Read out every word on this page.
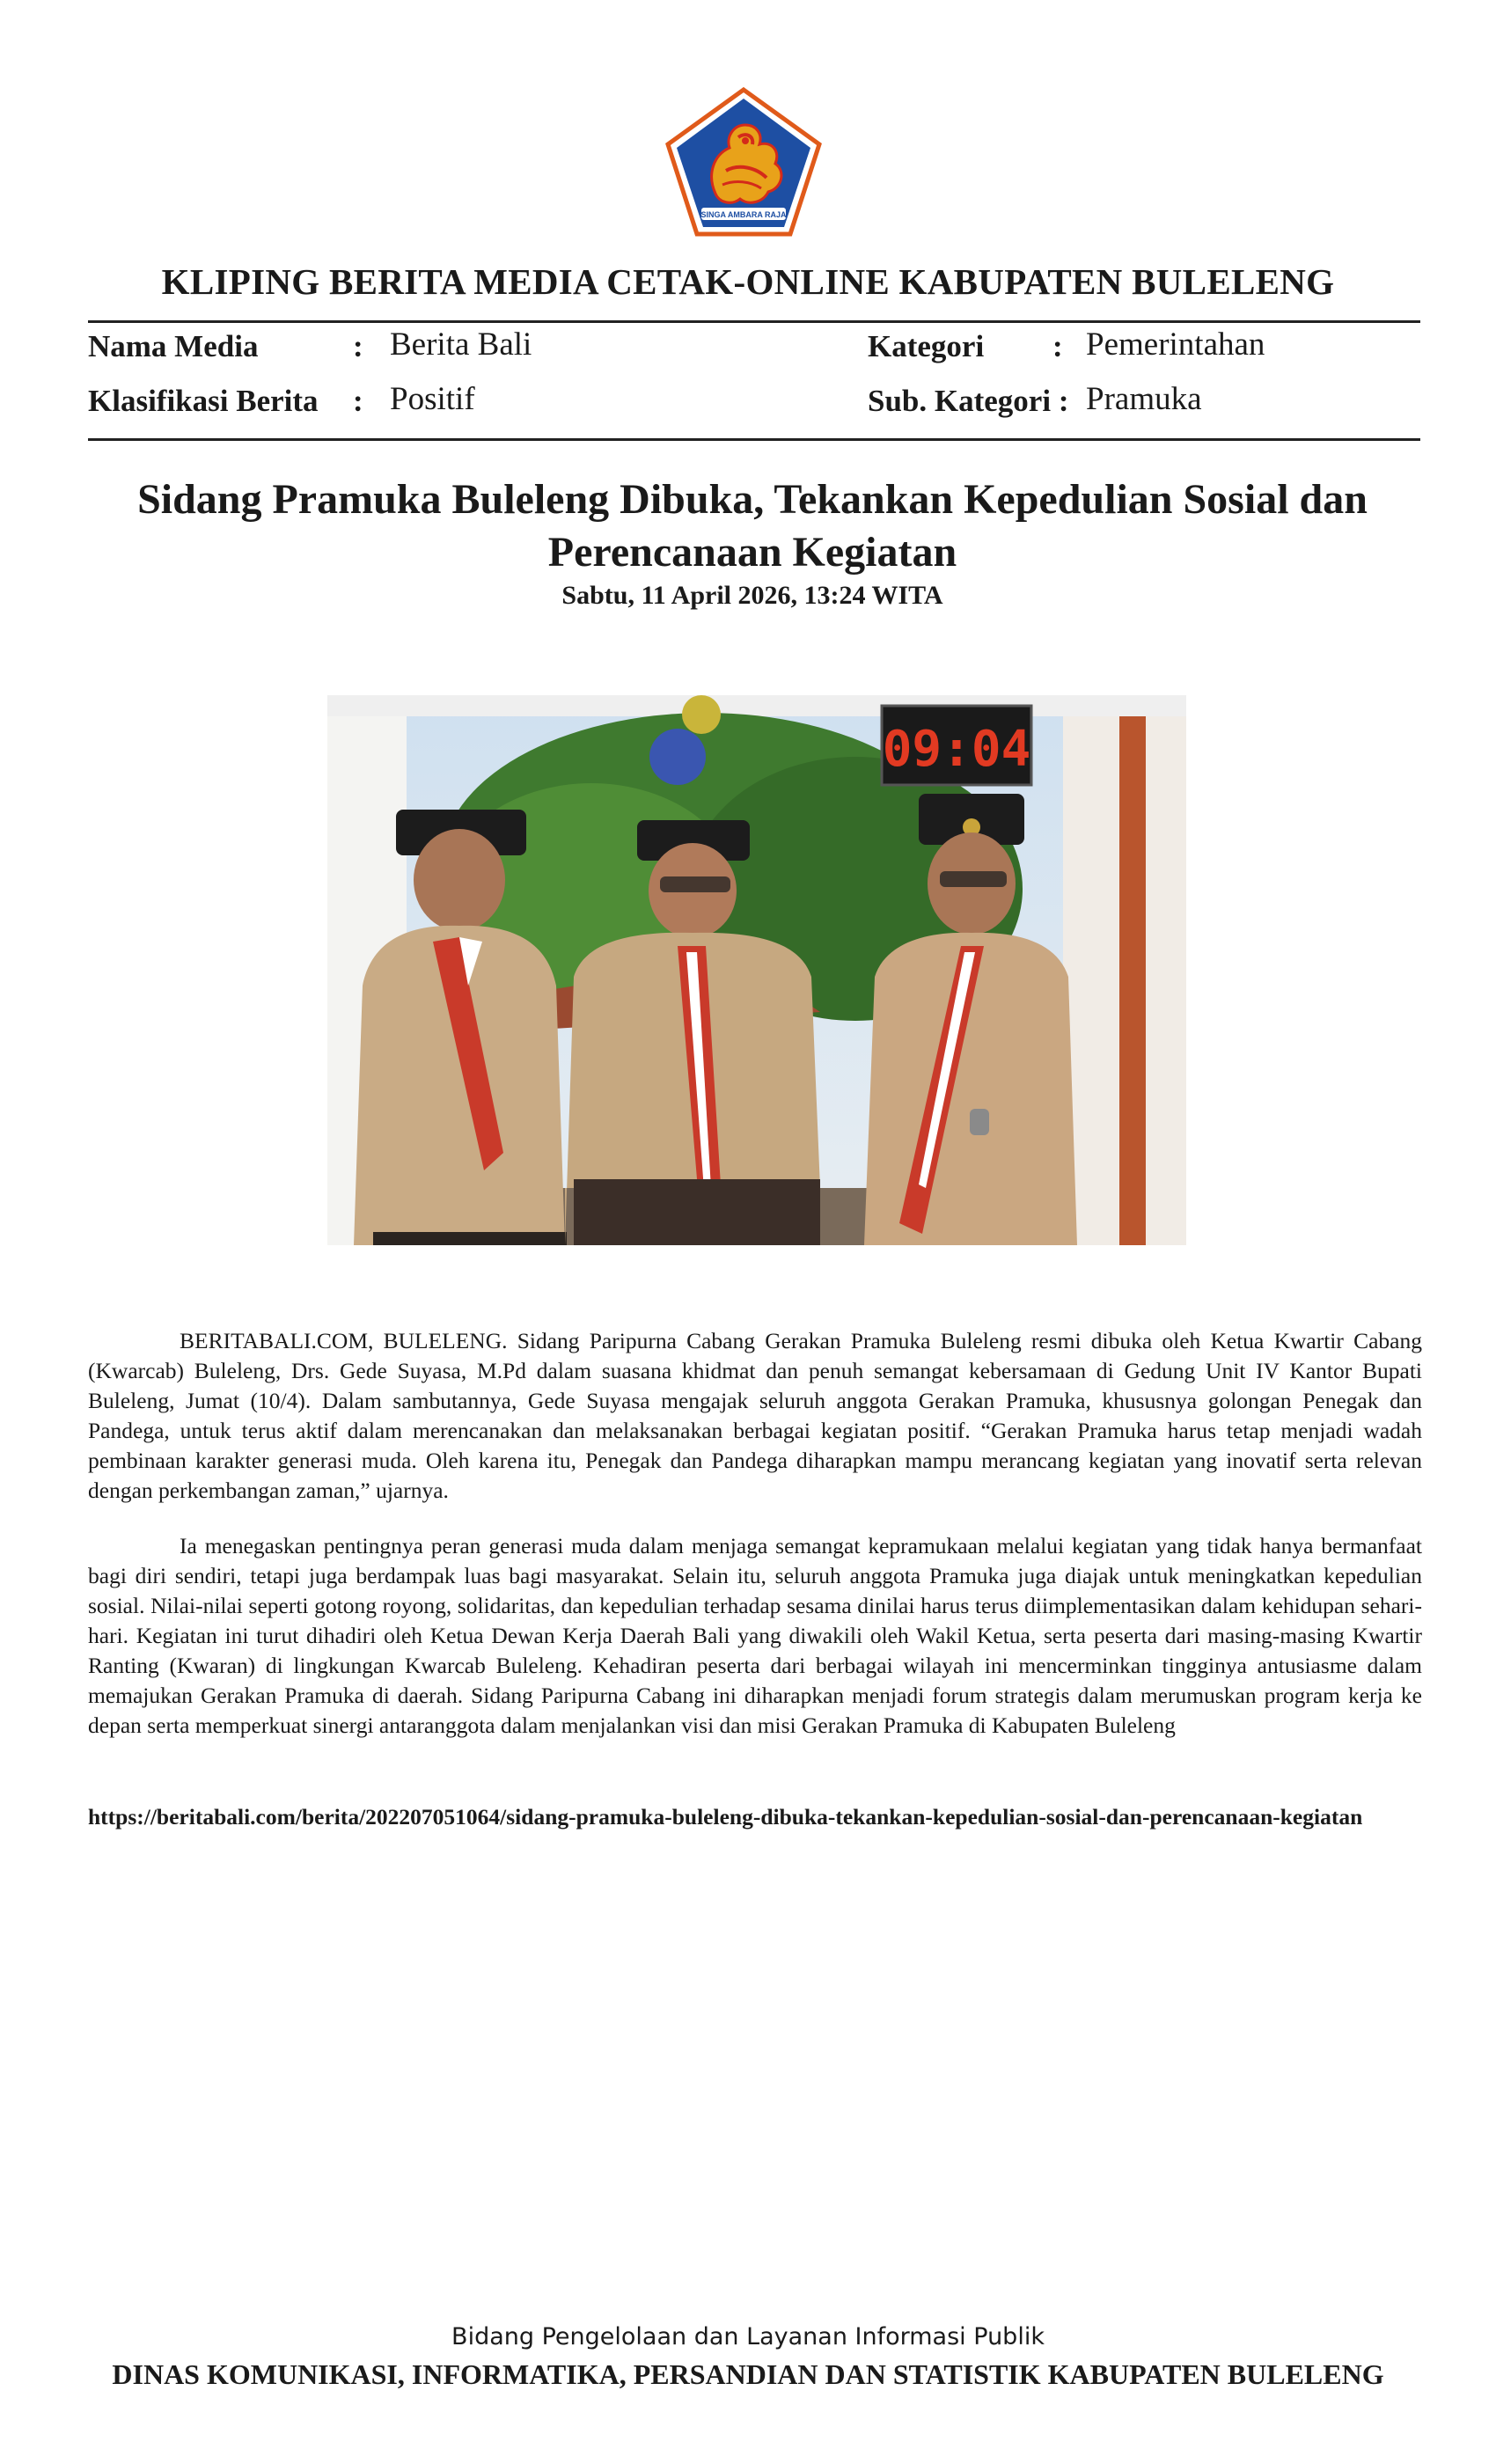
SINGA AMBARA RAJA
KLIPING BERITA MEDIA CETAK-ONLINE KABUPATEN BULELENG
Nama Media	: Berita Bali	Kategori : Pemerintahan
Klasifikasi Berita : Positif	Sub. Kategori : Pramuka
Sidang Pramuka Buleleng Dibuka, Tekankan Kepedulian Sosial dan Perencanaan Kegiatan
Sabtu, 11 April 2026, 13:24 WITA
09:04

BERITABALI.COM, BULELENG. Sidang Paripurna Cabang Gerakan Pramuka Buleleng resmi dibuka oleh Ketua Kwartir Cabang (Kwarcab) Buleleng, Drs. Gede Suyasa, M.Pd dalam suasana khidmat dan penuh semangat kebersamaan di Gedung Unit IV Kantor Bupati Buleleng, Jumat (10/4). Dalam sambutannya, Gede Suyasa mengajak seluruh anggota Gerakan Pramuka, khususnya golongan Penegak dan Pandega, untuk terus aktif dalam merencanakan dan melaksanakan berbagai kegiatan positif. “Gerakan Pramuka harus tetap menjadi wadah pembinaan karakter generasi muda. Oleh karena itu, Penegak dan Pandega diharapkan mampu merancang kegiatan yang inovatif serta relevan dengan perkembangan zaman,” ujarnya.

Ia menegaskan pentingnya peran generasi muda dalam menjaga semangat kepramukaan melalui kegiatan yang tidak hanya bermanfaat bagi diri sendiri, tetapi juga berdampak luas bagi masyarakat. Selain itu, seluruh anggota Pramuka juga diajak untuk meningkatkan kepedulian sosial. Nilai-nilai seperti gotong royong, solidaritas, dan kepedulian terhadap sesama dinilai harus terus diimplementasikan dalam kehidupan sehari-hari. Kegiatan ini turut dihadiri oleh Ketua Dewan Kerja Daerah Bali yang diwakili oleh Wakil Ketua, serta peserta dari masing-masing Kwartir Ranting (Kwaran) di lingkungan Kwarcab Buleleng. Kehadiran peserta dari berbagai wilayah ini mencerminkan tingginya antusiasme dalam memajukan Gerakan Pramuka di daerah. Sidang Paripurna Cabang ini diharapkan menjadi forum strategis dalam merumuskan program kerja ke depan serta memperkuat sinergi antaranggota dalam menjalankan visi dan misi Gerakan Pramuka di Kabupaten Buleleng

https://beritabali.com/berita/202207051064/sidang-pramuka-buleleng-dibuka-tekankan-kepedulian-sosial-dan-perencanaan-kegiatan

Bidang Pengelolaan dan Layanan Informasi Publik
DINAS KOMUNIKASI, INFORMATIKA, PERSANDIAN DAN STATISTIK KABUPATEN BULELENG
